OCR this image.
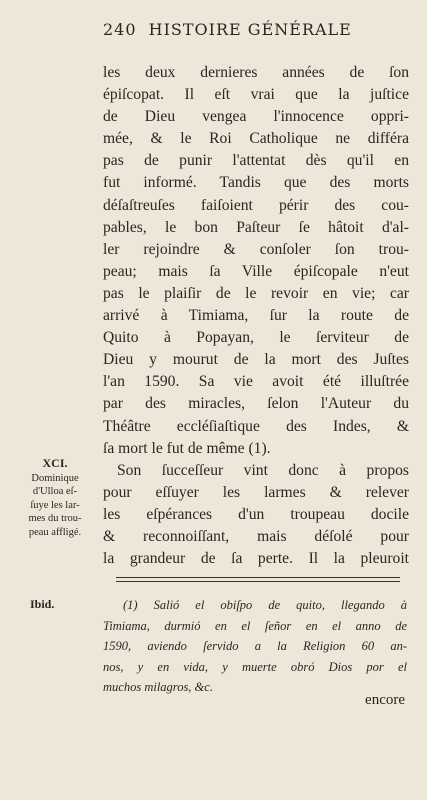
240 HISTOIRE GÉNÉRALE
les deux dernieres années de ſon
épiſcopat. Il eſt vrai que la juſtice
de Dieu vengea l'innocence oppri-
mée, & le Roi Catholique ne différa
pas de punir l'attentat dès qu'il en
fut informé. Tandis que des morts
déſaſtreuſes faiſoient périr des cou-
pables, le bon Paſteur ſe hâtoit d'al-
ler rejoindre & conſoler ſon trou-
peau; mais ſa Ville épiſcopale n'eut
pas le plaiſir de le revoir en vie; car
arrivé à Timiama, ſur la route de
Quito à Popayan, le ſerviteur de
Dieu y mourut de la mort des Juſtes
l'an 1590. Sa vie avoit été illuſtrée
par des miracles, ſelon l'Auteur du
Théâtre eccléſiaſtique des Indes, &
ſa mort le fut de même (1).
Son ſucceſſeur vint donc à propos
pour eſſuyer les larmes & relever
les eſpérances d'un troupeau docile
& reconnoiſſant, mais déſolé pour
la grandeur de ſa perte. Il la pleuroit
XCI.
Dominique
d'Ulloa eſ-
ſuye les lar-
mes du trou-
peau affligé.
Ibid.	(1) Salió el obiſpo de quito, llegando à
Timiama, durmió en el ſeñor en el anno de
1590, aviendo ſervido a la Religion 60 an-
nos, y en vida, y muerte obró Dios por el
muchos milagros, &c.
encore
